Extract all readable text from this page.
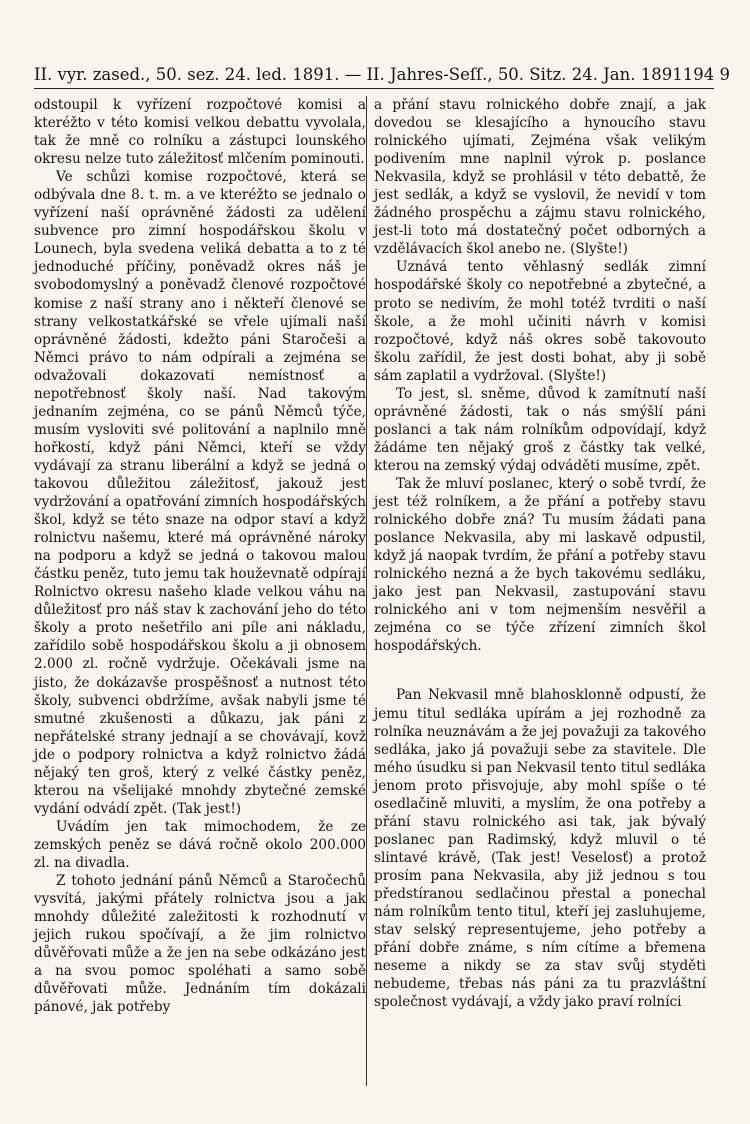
II. vyr. zased., 50. sez. 24. led. 1891. — II. Jahres-Seſſ., 50. Sitz. 24. Jan. 1891 194 9

odstoupil k vyřízení rozpočtové komisi a kteréžto v této komisi velkou debattu vyvolala, tak že mně co rolníku a zástupci lounského okresu nelze tuto záležitosť mlčením pominouti.

Ve schůzi komise rozpočtové, která se odbývala dne 8. t. m. a ve kteréžto se jednalo o vyřízení naší oprávněné žádosti za udělení subvence pro zimní hospodářskou školu v Lounech, byla svedena veliká debatta a to z té jednoduché příčiny, poněvadž okres náš je svobodomyslný a poněvadž členové rozpočtové komise z naší strany ano i někteří členové se strany velkostatkářské se vřele ujímali naší oprávněné žádosti, kdežto páni Staročeši a Němci právo to nám odpírali a zejména se odvažovali dokazovati nemístnosť a nepotřebnosť školy naší. Nad takovým jednaním zejména, co se pánů Němců týče, musím vysloviti své politování a naplnilo mně hořkostí, když páni Němci, kteří se vždy vydávají za stranu liberální a když se jedná o takovou důležitou záležitosť, jakouž jest vydržování a opatřování zimních hospodářských škol, když se této snaze na odpor staví a když rolnictvu našemu, které má oprávněné nároky na podporu a když se jedná o takovou malou částku peněz, tuto jemu tak houževnatě odpírají Rolnictvo okresu našeho klade velkou váhu na důležitosť pro náš stav k zachování jeho do této školy a proto nešetřilo ani píle ani nákladu, zařídilo sobě hospodářskou školu a ji obnosem 2.000 zl. ročně vydržuje. Očekávali jsme na jisto, že dokázavše prospěšnosť a nutnost této školy, subvenci obdržíme, avšak nabyli jsme té smutné zkušenosti a důkazu, jak páni z nepřátelské strany jednají a se chovávají, kovž jde o podpory rolnictva a když rolnictvo žádá nějaký ten groš, který z velké částky peněz, kterou na všelijaké mnohdy zbytečné zemské vydání odvádí zpět. (Tak jest!)

Uvádím jen tak mimochodem, že ze zemských peněz se dává ročně okolo 200.000 zl. na divadla.

Z tohoto jednání pánů Němců a Staročechů vysvítá, jakými přátely rolnictva jsou a jak mnohdy důležité zaležitosti k rozhodnutí v jejich rukou spočívají, a že jim rolnictvo důvěřovati může a že jen na sebe odkázáno jest a na svou pomoc spoléhati a samo sobě důvěřovati může. Jednáním tím dokázali pánové, jak potřeby

a přání stavu rolnického dobře znají, a jak dovedou se klesajícího a hynoucího stavu rolnického ujímati, Zejména však velikým podivením mne naplnil výrok p. poslance Nekvasila, když se prohlásil v této debattě, že jest sedlák, a když se vyslovil, že nevidí v tom žádného prospěchu a zájmu stavu rolnického, jest-li toto má dostatečný počet odborných a vzdělávacích škol anebo ne. (Slyšte!)

Uznává tento věhlasný sedlák zimní hospodářské školy co nepotřebné a zbytečné, a proto se nedivím, že mohl totéž tvrditi o naší škole, a že mohl učiniti návrh v komisi rozpočtové, když náš okres sobě takovouto školu zařídil, že jest dosti bohat, aby ji sobě sám zaplatil a vydržoval. (Slyšte!)

To jest, sl. sněme, důvod k zamítnutí naší oprávněné žádosti, tak o nás smýšlí páni poslanci a tak nám rolníkům odpovídají, když žádáme ten nějaký groš z částky tak velké, kterou na zemský výdaj odváděti musíme, zpět.

Tak že mluví poslanec, který o sobě tvrdí, že jest též rolníkem, a že přání a potřeby stavu rolnického dobře zná? Tu musím žádati pana poslance Nekvasila, aby mi laskavě odpustil, když já naopak tvrdím, že přání a potřeby stavu rolnického nezná a že bych takovému sedláku, jako jest pan Nekvasil, zastupování stavu rolnického ani v tom nejmenším nesvěřil a zejména co se týče zřízení zimních škol hospodářských.

Pan Nekvasil mně blahosklonně odpustí, že jemu titul sedláka upírám a jej rozhodně za rolníka neuznávám a že jej považuji za takového sedláka, jako já považuji sebe za stavitele. Dle mého úsudku si pan Nekvasil tento titul sedláka jenom proto přisvojuje, aby mohl spíše o té osedlačině mluviti, a myslím, že ona potřeby a přání stavu rolnického asi tak, jak bývalý poslanec pan Radimský, když mluvil o té slintavé krávě, (Tak jest! Veselosť) a protož prosím pana Nekvasila, aby již jednou s tou předstíranou sedlačinou přestal a ponechal nám rolníkům tento titul, kteří jej zasluhujeme, stav selský representujeme, jeho potřeby a přání dobře známe, s ním cítíme a břemena neseme a nikdy se za stav svůj styděti nebudeme, třebas nás páni za tu prazvláštní společnost vydávají, a vždy jako praví rolníci
